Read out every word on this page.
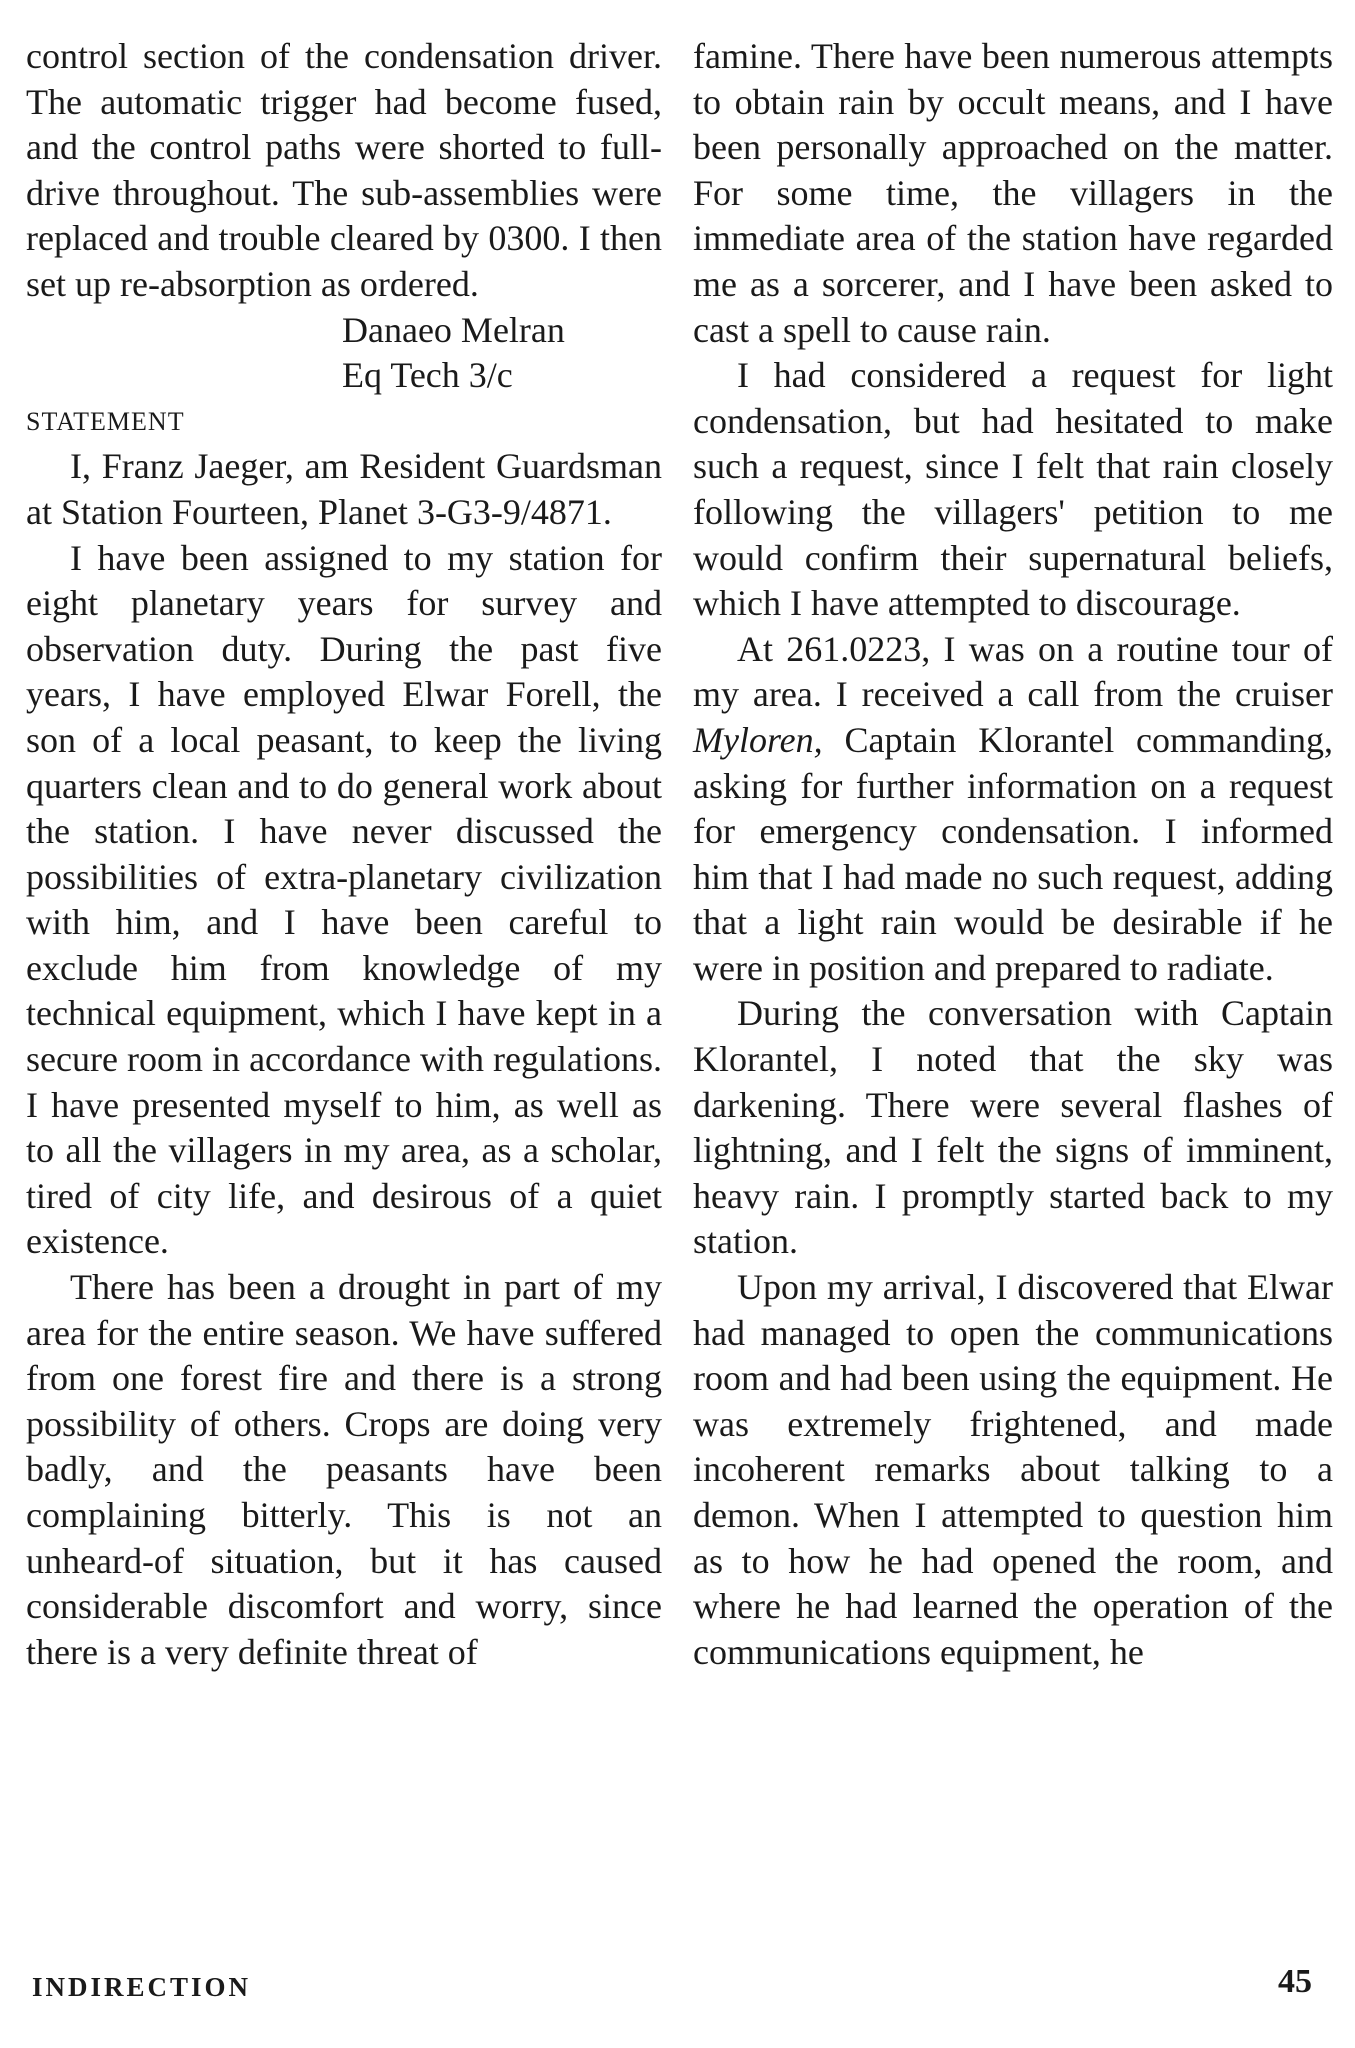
control section of the condensation driver. The automatic trigger had become fused, and the control paths were shorted to full-drive throughout. The sub-assemblies were replaced and trouble cleared by 0300. I then set up re-absorption as ordered.

Danaeo Melran

Eq Tech 3/c

STATEMENT

I, Franz Jaeger, am Resident Guardsman at Station Fourteen, Planet 3-G3-9/4871.

I have been assigned to my station for eight planetary years for survey and observation duty. During the past five years, I have employed Elwar Forell, the son of a local peasant, to keep the living quarters clean and to do general work about the station. I have never discussed the possibilities of extra-planetary civilization with him, and I have been careful to exclude him from knowledge of my technical equipment, which I have kept in a secure room in accordance with regulations. I have presented myself to him, as well as to all the villagers in my area, as a scholar, tired of city life, and desirous of a quiet existence.

There has been a drought in part of my area for the entire season. We have suffered from one forest fire and there is a strong possibility of others. Crops are doing very badly, and the peasants have been complaining bitterly. This is not an unheard-of situation, but it has caused considerable discomfort and worry, since there is a very definite threat of

famine. There have been numerous attempts to obtain rain by occult means, and I have been personally approached on the matter. For some time, the villagers in the immediate area of the station have regarded me as a sorcerer, and I have been asked to cast a spell to cause rain.

I had considered a request for light condensation, but had hesitated to make such a request, since I felt that rain closely following the villagers' petition to me would confirm their supernatural beliefs, which I have attempted to discourage.

At 261.0223, I was on a routine tour of my area. I received a call from the cruiser Myloren, Captain Klorantel commanding, asking for further information on a request for emergency condensation. I informed him that I had made no such request, adding that a light rain would be desirable if he were in position and prepared to radiate.

During the conversation with Captain Klorantel, I noted that the sky was darkening. There were several flashes of lightning, and I felt the signs of imminent, heavy rain. I promptly started back to my station.

Upon my arrival, I discovered that Elwar had managed to open the communications room and had been using the equipment. He was extremely frightened, and made incoherent remarks about talking to a demon. When I attempted to question him as to how he had opened the room, and where he had learned the operation of the communications equipment, he

INDIRECTION	45
